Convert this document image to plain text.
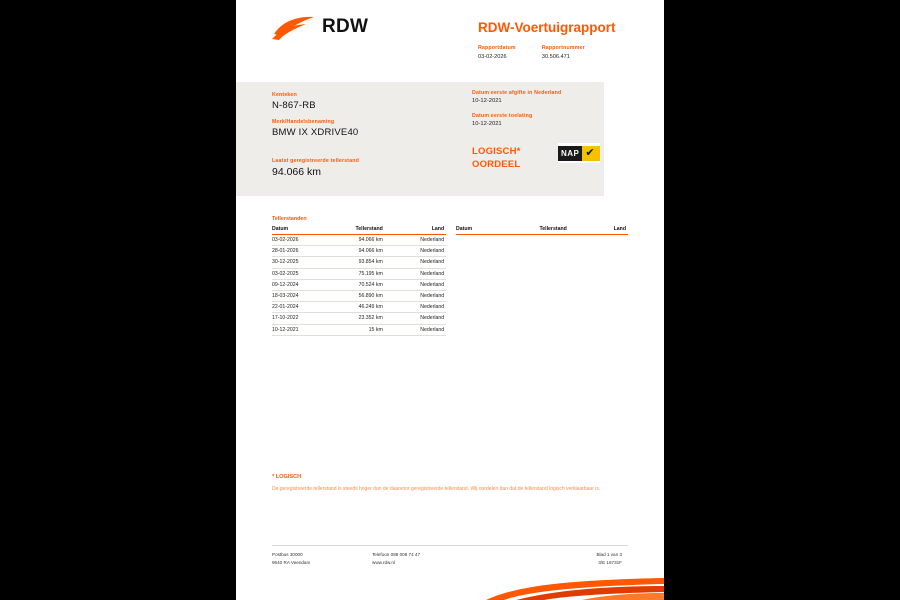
RDW	RDW-Voertuigrapport
Rapportdatum
03-02-2026
Rapportnummer
30.506.471
Kenteken
N-867-RB
Merk/Handelsbenaming
BMW IX XDRIVE40
Laatst geregistreerde tellerstand
94.066 km
Datum eerste afgifte in Nederland
10-12-2021
Datum eerste toelating
10-12-2021
LOGISCH*
OORDEEL
NAP ✔
Tellerstanden
Datum	Tellerstand	Land		Datum	Tellerstand	Land
03-02-2026	94.066 km	Nederland				
28-01-2026	94.066 km	Nederland				
30-12-2025	93.854 km	Nederland				
03-02-2025	75.195 km	Nederland				
09-12-2024	70.524 km	Nederland				
18-03-2024	56.890 km	Nederland				
22-01-2024	46.249 km	Nederland				
17-10-2022	23.352 km	Nederland				
10-12-2021	15 km	Nederland				
* LOGISCH
De geregistreerde tellerstand is steeds hoger dan de daarvoor geregistreerde tellerstand. Wij oordelen dan dat de tellerstand logisch verklaarbaar is.
Postbus 30000
9640 RA Veendam
Telefoon 088 008 74 47
www.rdw.nl
Blad 1 van 3
3/E 16731F
